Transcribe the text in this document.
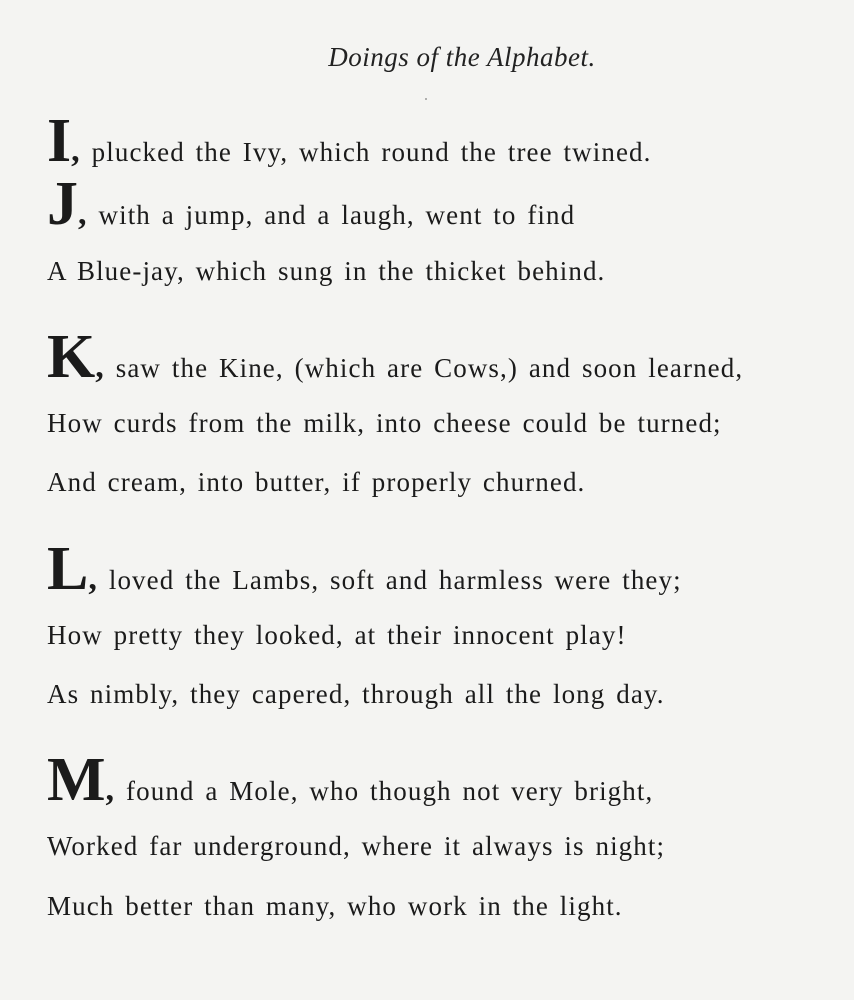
Doings of the Alphabet.
I, plucked the Ivy, which round the tree twined.
J, with a jump, and a laugh, went to find
A Blue-jay, which sung in the thicket behind.
K, saw the Kine, (which are Cows,) and soon learned,
How curds from the milk, into cheese could be turned;
And cream, into butter, if properly churned.
L, loved the Lambs, soft and harmless were they;
How pretty they looked, at their innocent play!
As nimbly, they capered, through all the long day.
M, found a Mole, who though not very bright,
Worked far underground, where it always is night;
Much better than many, who work in the light.
